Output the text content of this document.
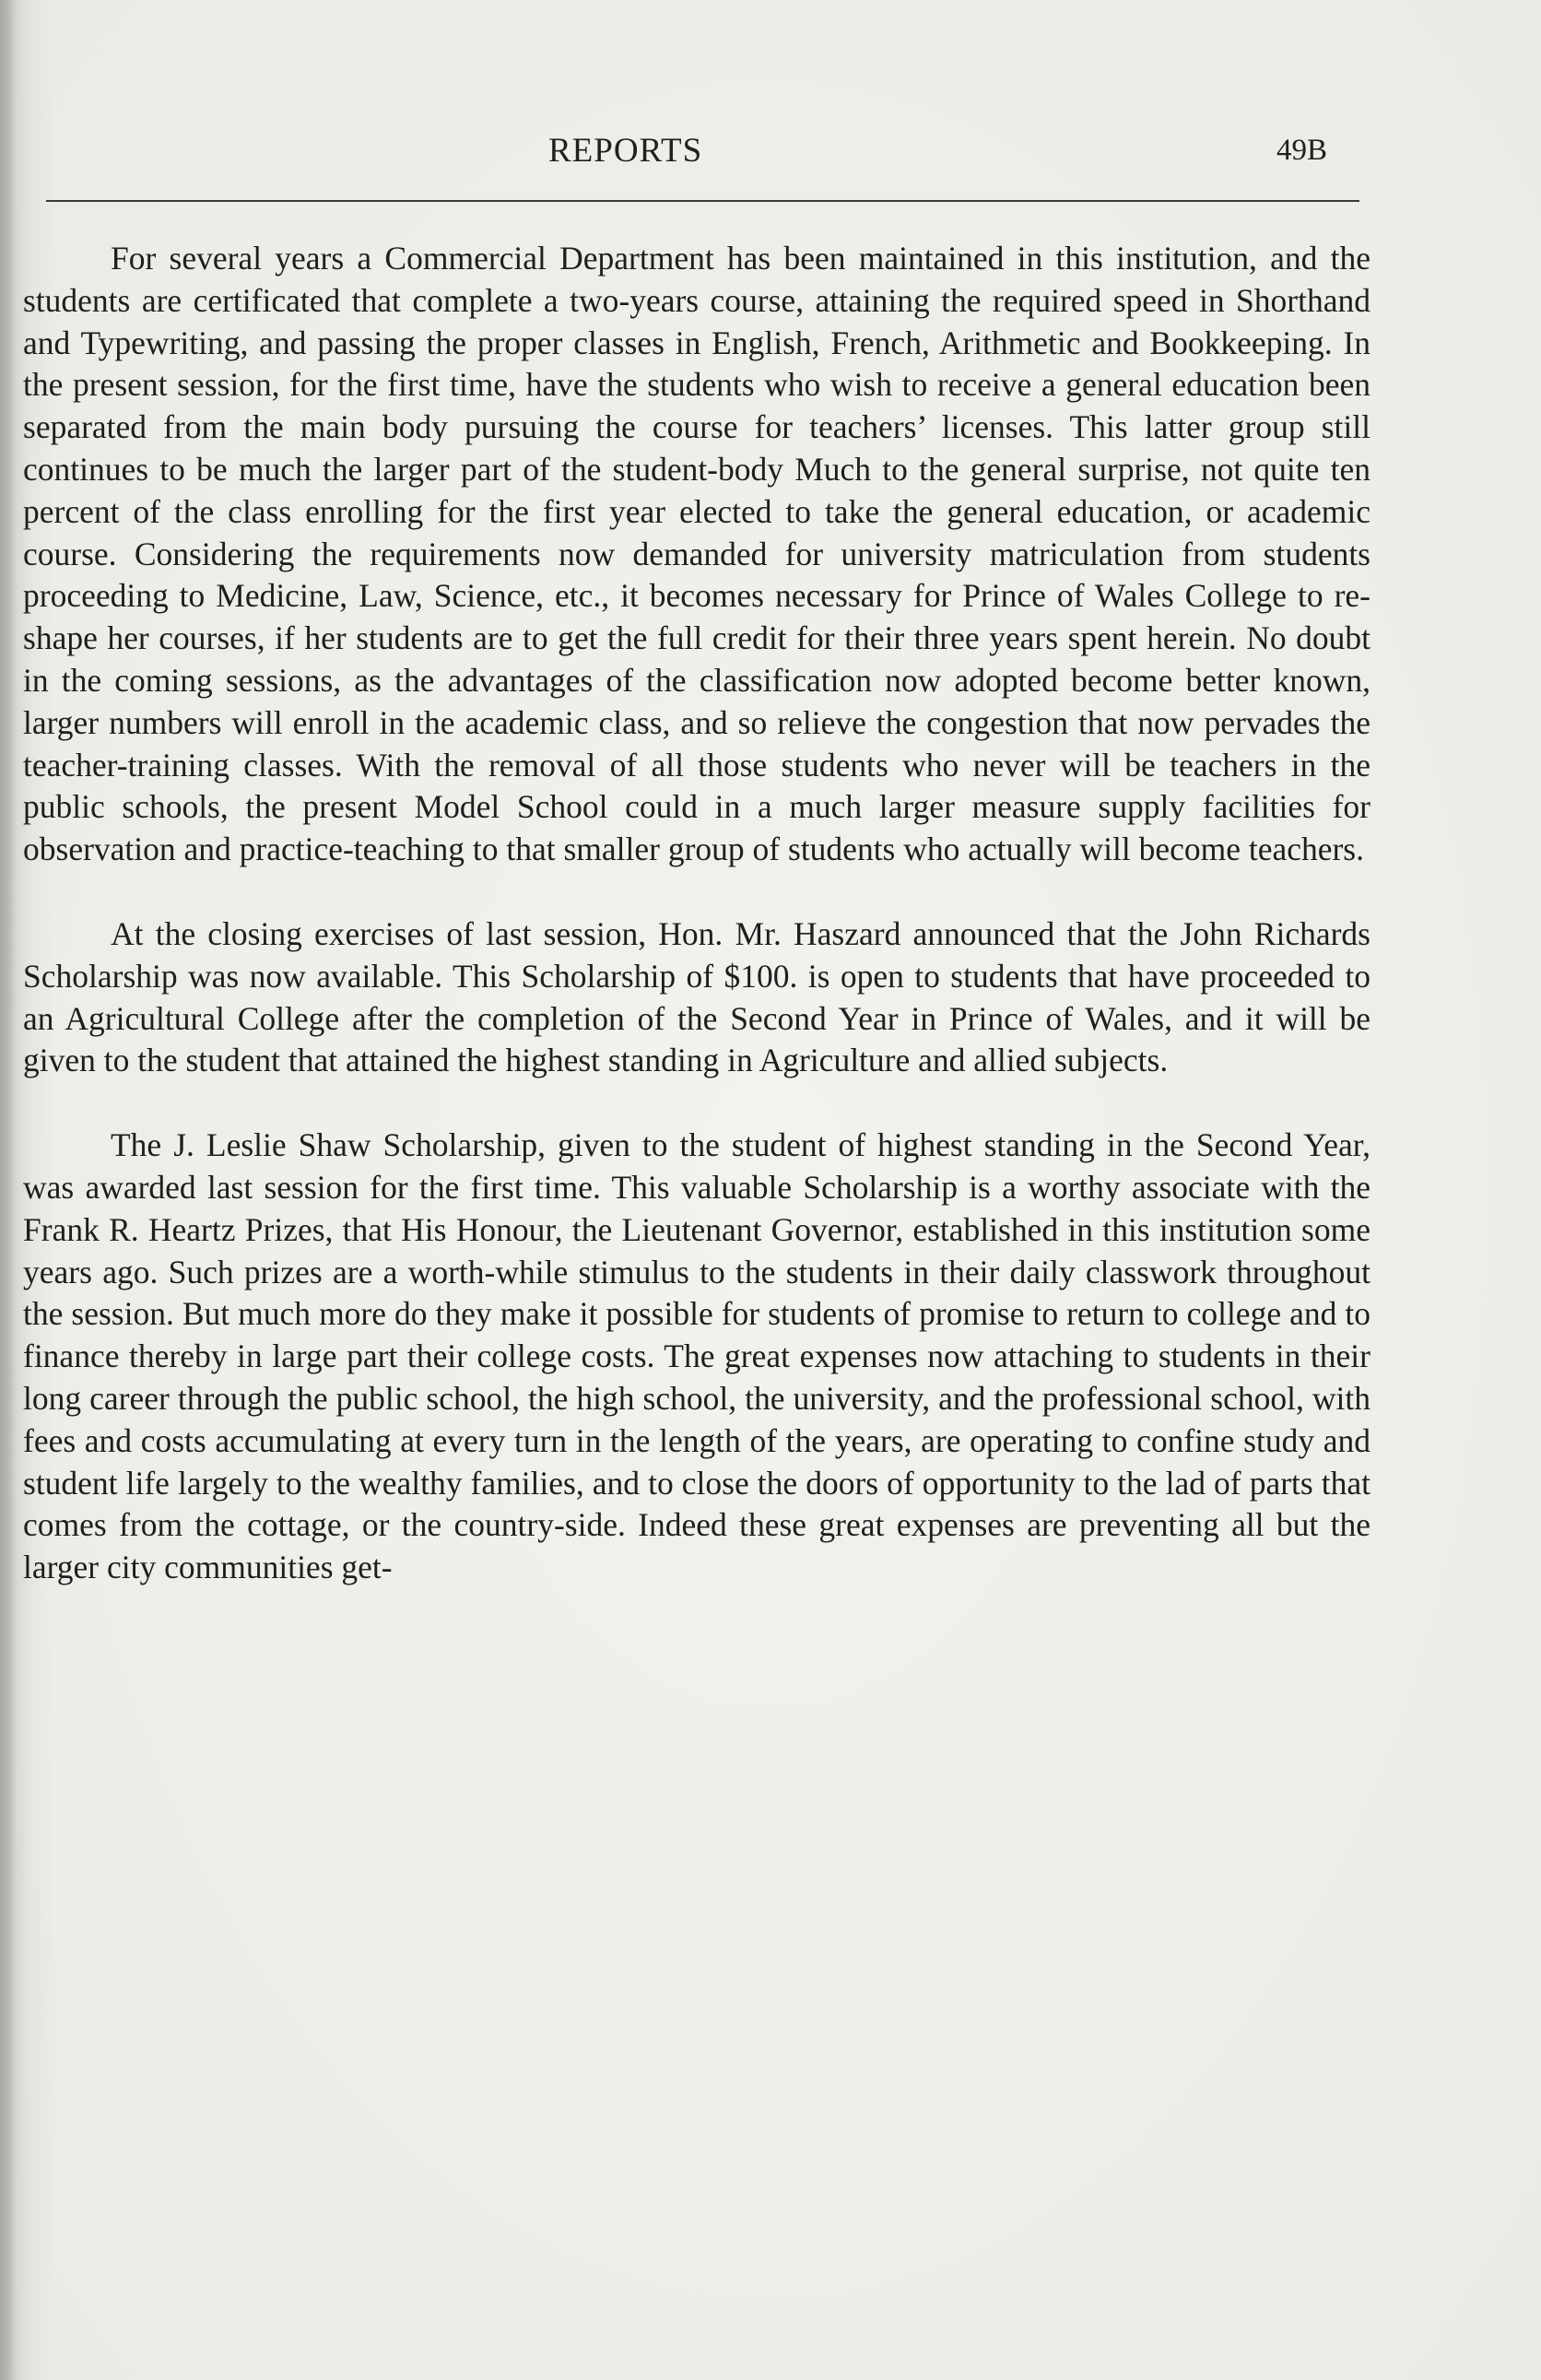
REPORTS	49B

For several years a Commercial Department has been maintained in this institution, and the students are certificated that complete a two-years course, attaining the required speed in Shorthand and Typewriting, and passing the proper classes in English, French, Arithmetic and Bookkeeping. In the present session, for the first time, have the students who wish to receive a general education been separated from the main body pursuing the course for teachers’ licenses. This latter group still continues to be much the larger part of the student-body Much to the general surprise, not quite ten percent of the class enrolling for the first year elected to take the general education, or academic course. Considering the requirements now demanded for university matriculation from students proceeding to Medicine, Law, Science, etc., it becomes necessary for Prince of Wales College to re-shape her courses, if her students are to get the full credit for their three years spent herein. No doubt in the coming sessions, as the advantages of the classification now adopted become better known, larger numbers will enroll in the academic class, and so relieve the congestion that now pervades the teacher-training classes. With the removal of all those students who never will be teachers in the public schools, the present Model School could in a much larger measure supply facilities for observation and practice-teaching to that smaller group of students who actually will become teachers.

At the closing exercises of last session, Hon. Mr. Haszard announced that the John Richards Scholarship was now available. This Scholarship of $100. is open to students that have proceeded to an Agricultural College after the completion of the Second Year in Prince of Wales, and it will be given to the student that attained the highest standing in Agriculture and allied subjects.

The J. Leslie Shaw Scholarship, given to the student of highest standing in the Second Year, was awarded last session for the first time. This valuable Scholarship is a worthy associate with the Frank R. Heartz Prizes, that His Honour, the Lieutenant Governor, established in this institution some years ago. Such prizes are a worth-while stimulus to the students in their daily classwork throughout the session. But much more do they make it possible for students of promise to return to college and to finance thereby in large part their college costs. The great expenses now attaching to students in their long career through the public school, the high school, the university, and the professional school, with fees and costs accumulating at every turn in the length of the years, are operating to confine study and student life largely to the wealthy families, and to close the doors of opportunity to the lad of parts that comes from the cottage, or the country-side. Indeed these great expenses are preventing all but the larger city communities get-
